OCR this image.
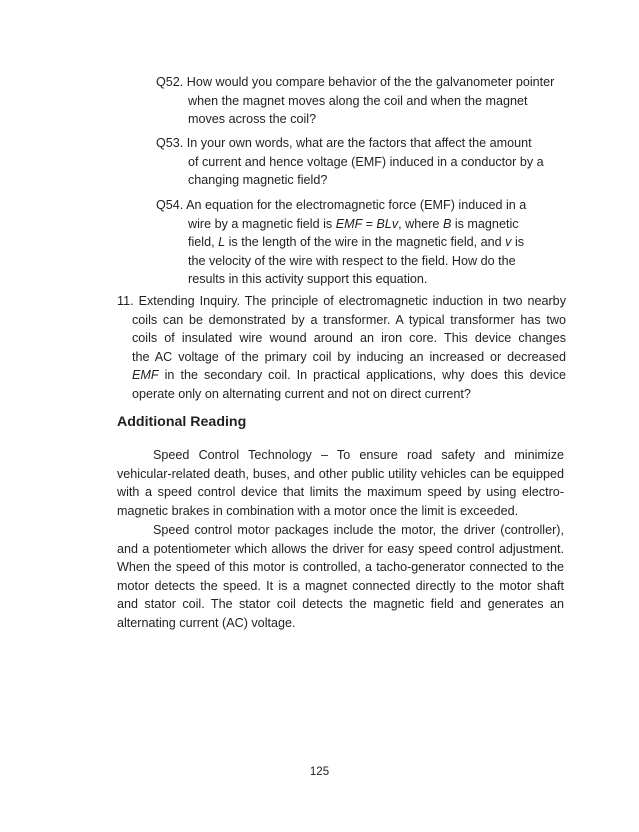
Q52. How would you compare behavior of the the galvanometer pointer
when the magnet moves along the coil and when the magnet
moves across the coil?
Q53. In your own words, what are the factors that affect the amount
of current and hence voltage (EMF) induced in a conductor by a
changing magnetic field?
Q54. An equation for the electromagnetic force (EMF) induced in a
wire by a magnetic field is EMF = BLv, where B is magnetic
field, L is the length of the wire in the magnetic field, and v is
the velocity of the wire with respect to the field. How do the
results in this activity support this equation.
11. Extending Inquiry. The principle of electromagnetic induction in two nearby
coils can be demonstrated by a transformer. A typical transformer has two
coils of insulated wire wound around an iron core. This device changes
the AC voltage of the primary coil by inducing an increased or decreased
EMF in the secondary coil. In practical applications, why does this device
operate only on alternating current and not on direct current?
Additional Reading
Speed Control Technology – To ensure road safety and minimize
vehicular-related death, buses, and other public utility vehicles can be equipped
with a speed control device that limits the maximum speed by using electro-
magnetic brakes in combination with a motor once the limit is exceeded.
Speed control motor packages include the motor, the driver (controller),
and a potentiometer which allows the driver for easy speed control adjustment.
When the speed of this motor is controlled, a tacho-generator connected to the
motor detects the speed. It is a magnet connected directly to the motor shaft
and stator coil. The stator coil detects the magnetic field and generates an
alternating current (AC) voltage.
125
